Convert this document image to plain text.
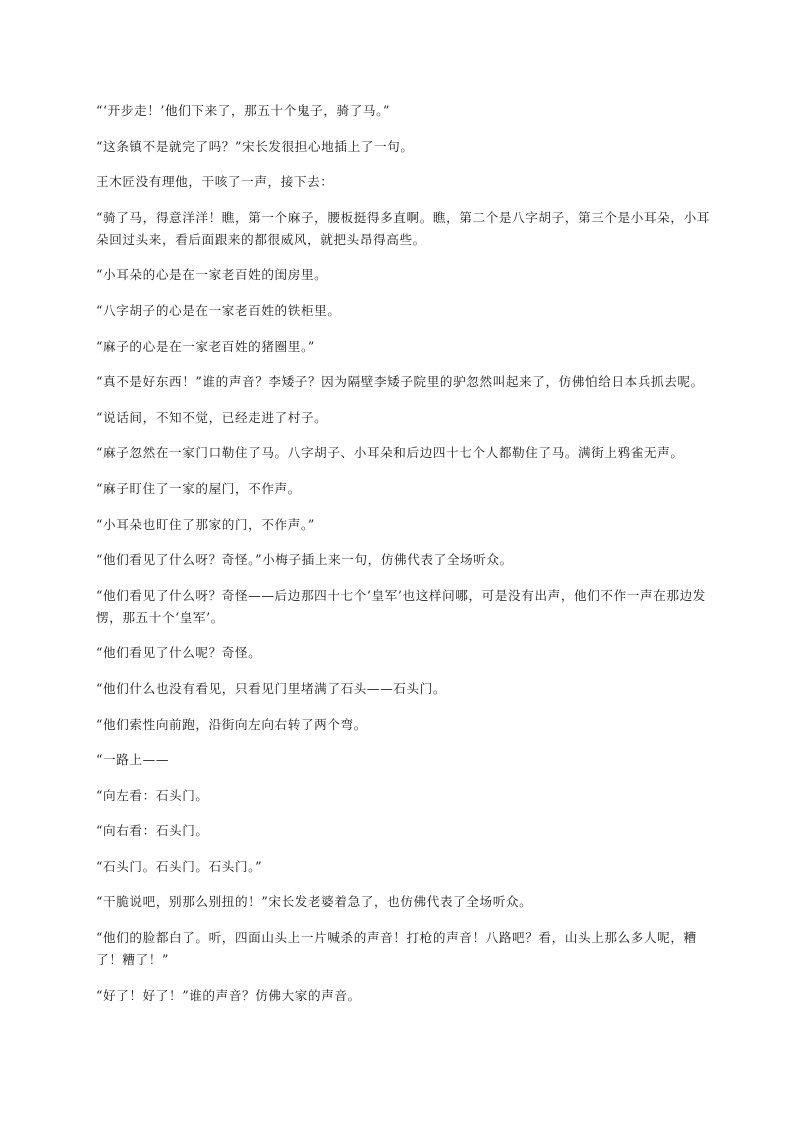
“‘开步走！’他们下来了，那五十个鬼子，骑了马。”

“这条镇不是就完了吗？”宋长发很担心地插上了一句。

王木匠没有理他，干咳了一声，接下去：

“骑了马，得意洋洋！瞧，第一个麻子，腰板挺得多直啊。瞧，第二个是八字胡子，第三个是小耳朵，小耳朵回过头来，看后面跟来的都很威风，就把头昂得高些。

“小耳朵的心是在一家老百姓的闺房里。

“八字胡子的心是在一家老百姓的铁柜里。

“麻子的心是在一家老百姓的猪圈里。”

“真不是好东西！”谁的声音？李矮子？因为隔壁李矮子院里的驴忽然叫起来了，仿佛怕给日本兵抓去呢。

“说话间，不知不觉，已经走进了村子。

“麻子忽然在一家门口勒住了马。八字胡子、小耳朵和后边四十七个人都勒住了马。满街上鸦雀无声。

“麻子盯住了一家的屋门，不作声。

“小耳朵也盯住了那家的门，不作声。”

“他们看见了什么呀？奇怪。”小梅子插上来一句，仿佛代表了全场听众。

“他们看见了什么呀？奇怪——后边那四十七个‘皇军’也这样问哪，可是没有出声，他们不作一声在那边发愣，那五十个‘皇军’。

“他们看见了什么呢？奇怪。

“他们什么也没有看见，只看见门里堵满了石头——石头门。

“他们索性向前跑，沿街向左向右转了两个弯。

“一路上——

“向左看：石头门。

“向右看：石头门。

“石头门。石头门。石头门。”

“干脆说吧，别那么别扭的！”宋长发老婆着急了，也仿佛代表了全场听众。

“他们的脸都白了。听，四面山头上一片喊杀的声音！打枪的声音！八路吧？看，山头上那么多人呢，糟了！糟了！”

“好了！好了！”谁的声音？仿佛大家的声音。
